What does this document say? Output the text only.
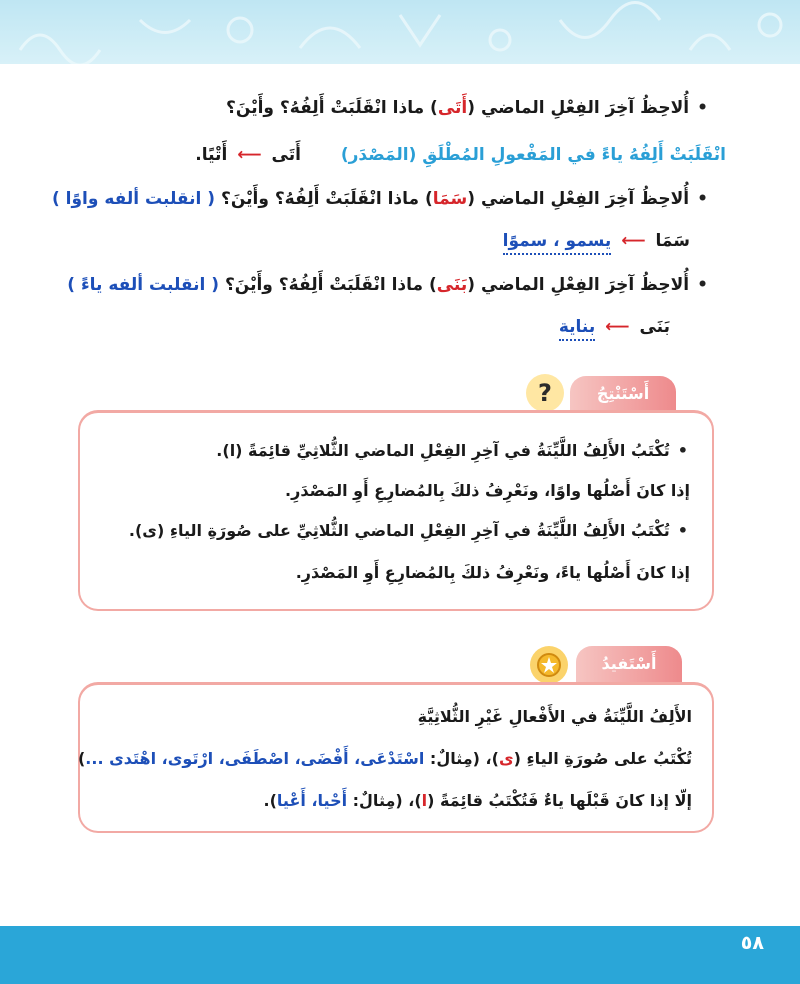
•أُلاحِظُ آخِرَ الفِعْلِ الماضي (أَتَى) ماذا انْقَلَبَتْ أَلِفُهُ؟ وأَيْنَ؟
انْقَلَبَتْ أَلِفُهُ ياءً في المَفْعولِ المُطْلَقِ (المَصْدَر) أَتَى ⟵ أَتْيًا.
•أُلاحِظُ آخِرَ الفِعْلِ الماضي (سَمَا) ماذا انْقَلَبَتْ أَلِفُهُ؟ وأَيْنَ؟ ( انقلبت ألفه واوًا )
سَمَا ⟵ يسمو ، سموًا
•أُلاحِظُ آخِرَ الفِعْلِ الماضي (بَنَى) ماذا انْقَلَبَتْ أَلِفُهُ؟ وأَيْنَ؟ ( انقلبت ألفه ياءً )
بَنَى ⟵ بناية
أَسْتَنْتِجُ
?
•تُكْتَبُ الأَلِفُ اللَّيِّنَةُ في آخِرِ الفِعْلِ الماضي الثُّلاثِيِّ قائِمَةً (ا).
إذا كانَ أَصْلُها واوًا، ونَعْرِفُ ذلكَ بِالمُضارِعِ أَوِ المَصْدَرِ.
•تُكْتَبُ الأَلِفُ اللَّيِّنَةُ في آخِرِ الفِعْلِ الماضي الثُّلاثِيِّ على صُورَةِ الياءِ (ى).
إذا كانَ أَصْلُها ياءً، ونَعْرِفُ ذلكَ بِالمُضارِعِ أَوِ المَصْدَرِ.
أَسْتَفيدُ
الأَلِفُ اللَّيِّنَةُ في الأَفْعالِ غَيْرِ الثُّلاثِيَّةِ
تُكْتَبُ على صُورَةِ الياءِ (ى)، (مِثالٌ: اسْتَدْعَى، أَفْضَى، اصْطَفَى، ارْتَوى، اهْتَدى ...)
إلّا إذا كانَ قَبْلَها ياءٌ فَتُكْتَبُ قائِمَةً (ا)، (مِثالٌ: أَحْيا، أَعْيا).
٥٨
